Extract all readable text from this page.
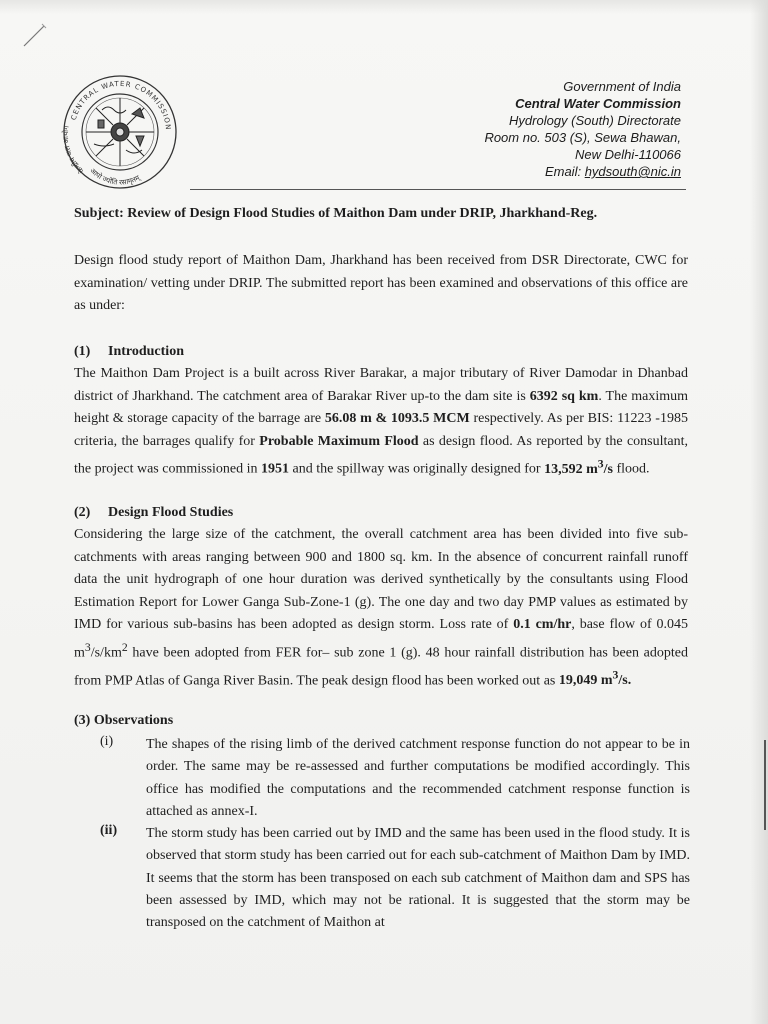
CENTRAL WATER COMMISSION
केन्द्रीय जल आयोग
आपो ज्योति रसामृतम्
Government of India
Central Water Commission
Hydrology (South) Directorate
Room no. 503 (S), Sewa Bhawan,
New Delhi-110066
Email: hydsouth@nic.in
Subject: Review of Design Flood Studies of Maithon Dam under DRIP, Jharkhand-Reg.
Design flood study report of Maithon Dam, Jharkhand has been received from DSR Directorate, CWC for examination/ vetting under DRIP. The submitted report has been examined and observations of this office are as under:
(1) Introduction
The Maithon Dam Project is a built across River Barakar, a major tributary of River Damodar in Dhanbad district of Jharkhand. The catchment area of Barakar River up-to the dam site is 6392 sq km. The maximum height & storage capacity of the barrage are 56.08 m & 1093.5 MCM respectively. As per BIS: 11223 -1985 criteria, the barrages qualify for Probable Maximum Flood as design flood. As reported by the consultant, the project was commissioned in 1951 and the spillway was originally designed for 13,592 $m^3/s$ flood.
(2) Design Flood Studies
Considering the large size of the catchment, the overall catchment area has been divided into five sub-catchments with areas ranging between 900 and 1800 sq. km. In the absence of concurrent rainfall runoff data the unit hydrograph of one hour duration was derived synthetically by the consultants using Flood Estimation Report for Lower Ganga Sub-Zone-1 (g). The one day and two day PMP values as estimated by IMD for various sub-basins has been adopted as design storm. Loss rate of 0.1 cm/hr, base flow of 0.045 $m^3/s/km^2$ have been adopted from FER for– sub zone 1 (g). 48 hour rainfall distribution has been adopted from PMP Atlas of Ganga River Basin. The peak design flood has been worked out as 19,049 $m^3/s$.
(3) Observations
(i) The shapes of the rising limb of the derived catchment response function do not appear to be in order. The same may be re-assessed and further computations be modified accordingly. This office has modified the computations and the recommended catchment response function is attached as annex-I.
(ii) The storm study has been carried out by IMD and the same has been used in the flood study. It is observed that storm study has been carried out for each sub-catchment of Maithon Dam by IMD. It seems that the storm has been transposed on each sub catchment of Maithon dam and SPS has been assessed by IMD, which may not be rational. It is suggested that the storm may be transposed on the catchment of Maithon at
